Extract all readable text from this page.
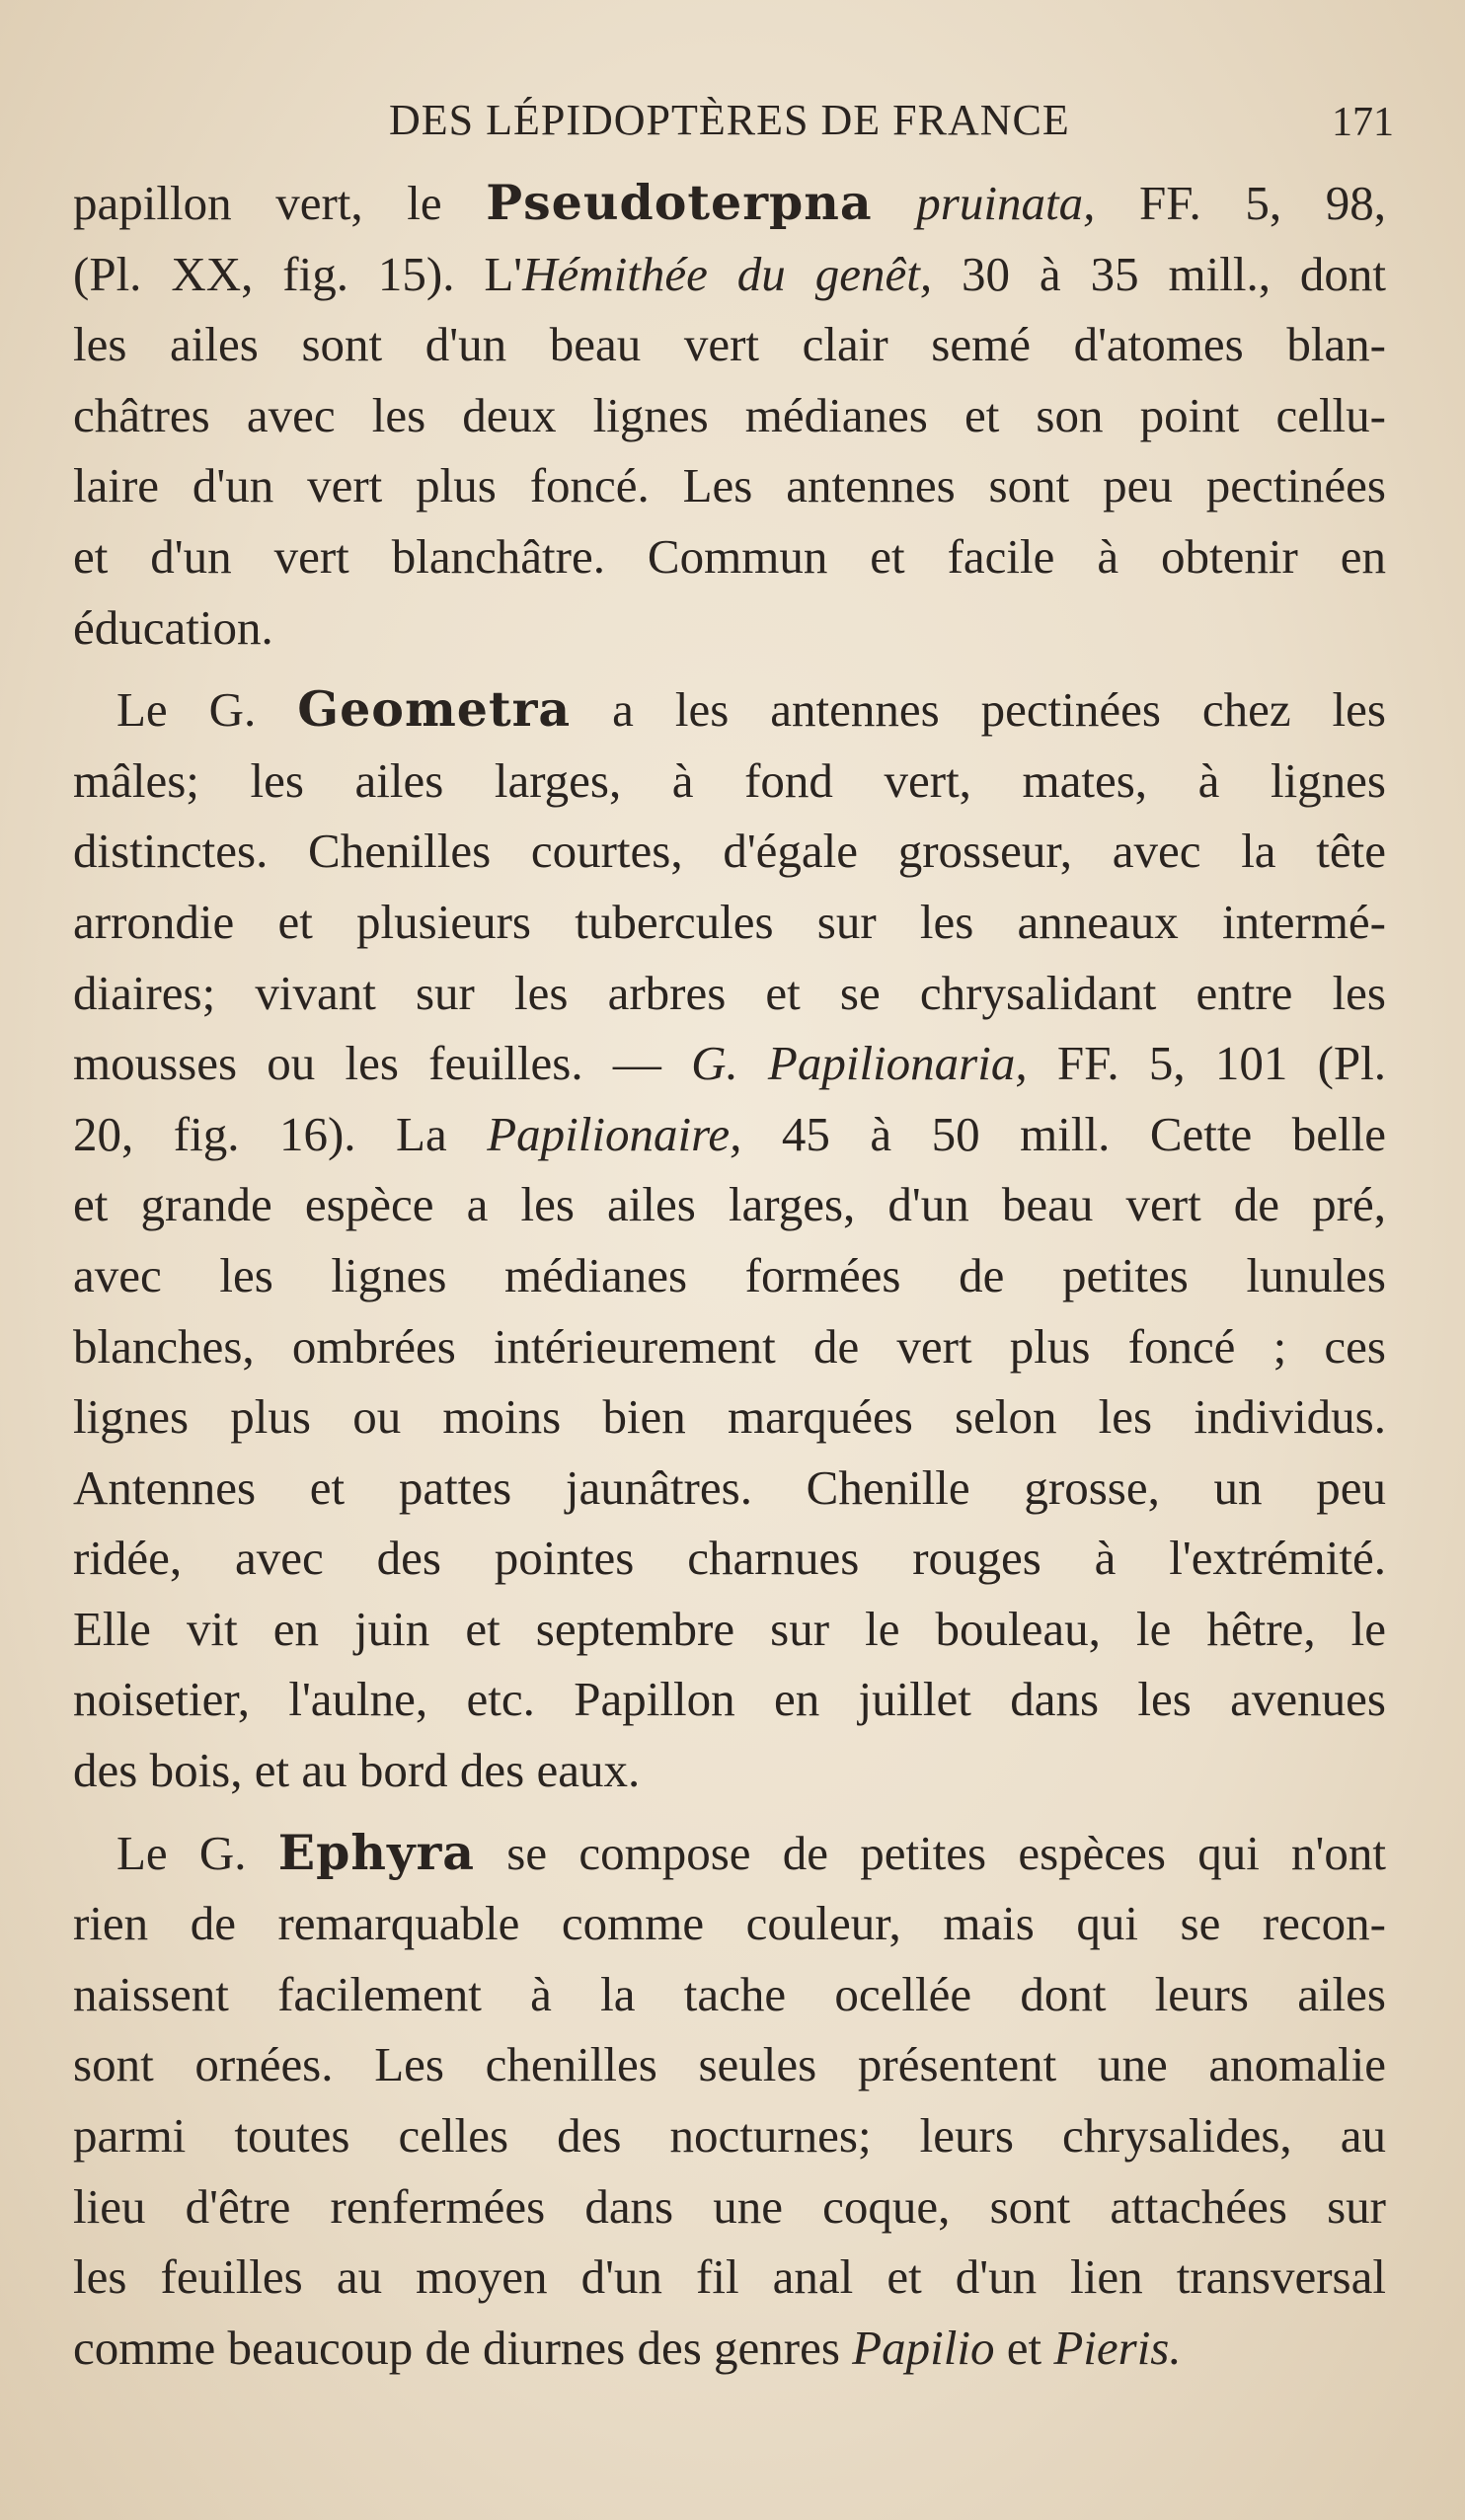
DES LÉPIDOPTÈRES DE FRANCE	171
papillon vert, le Pseudoterpna pruinata, FF. 5, 98,
(Pl. XX, fig. 15). L'Hémithée du genêt, 30 à 35 mill., dont
les ailes sont d'un beau vert clair semé d'atomes blan-
châtres avec les deux lignes médianes et son point cellu-
laire d'un vert plus foncé. Les antennes sont peu pectinées
et d'un vert blanchâtre. Commun et facile à obtenir en
éducation.
Le G. Geometra a les antennes pectinées chez les
mâles; les ailes larges, à fond vert, mates, à lignes
distinctes. Chenilles courtes, d'égale grosseur, avec la tête
arrondie et plusieurs tubercules sur les anneaux intermé-
diaires; vivant sur les arbres et se chrysalidant entre les
mousses ou les feuilles. — G. Papilionaria, FF. 5, 101 (Pl.
20, fig. 16). La Papilionaire, 45 à 50 mill. Cette belle
et grande espèce a les ailes larges, d'un beau vert de pré,
avec les lignes médianes formées de petites lunules
blanches, ombrées intérieurement de vert plus foncé ; ces
lignes plus ou moins bien marquées selon les individus.
Antennes et pattes jaunâtres. Chenille grosse, un peu
ridée, avec des pointes charnues rouges à l'extrémité.
Elle vit en juin et septembre sur le bouleau, le hêtre, le
noisetier, l'aulne, etc. Papillon en juillet dans les avenues
des bois, et au bord des eaux.
Le G. Ephyra se compose de petites espèces qui n'ont
rien de remarquable comme couleur, mais qui se recon-
naissent facilement à la tache ocellée dont leurs ailes
sont ornées. Les chenilles seules présentent une anomalie
parmi toutes celles des nocturnes; leurs chrysalides, au
lieu d'être renfermées dans une coque, sont attachées sur
les feuilles au moyen d'un fil anal et d'un lien transversal
comme beaucoup de diurnes des genres Papilio et Pieris.
